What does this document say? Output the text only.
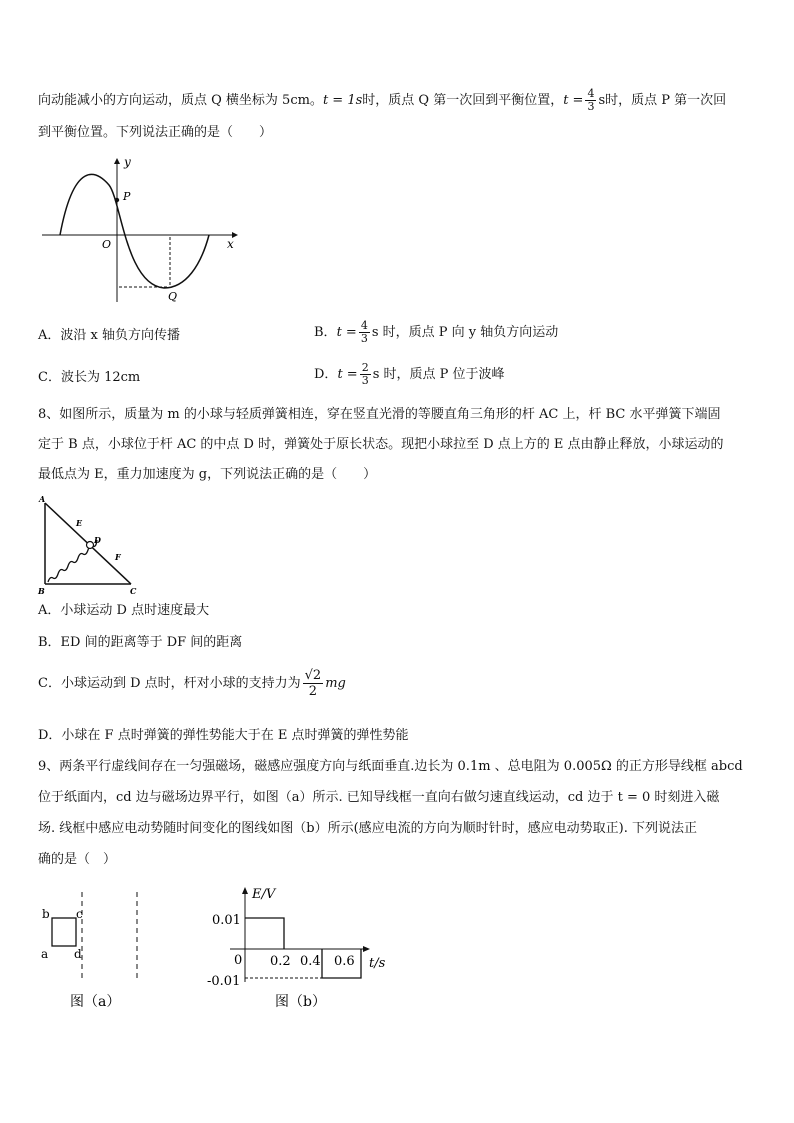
向动能减小的方向运动，质点 Q 横坐标为 5cm。t = 1s时，质点 Q 第一次回到平衡位置，$t = \frac{4}{3}$ s时，质点 P 第一次回
到平衡位置。下列说法正确的是（　　）
y
x
O
P
Q
A．波沿 x 轴负方向传播	B．$t = \frac{4}{3}$ s 时，质点 P 向 y 轴负方向运动
C．波长为 12cm	D．$t = \frac{2}{3}$ s 时，质点 P 位于波峰
8、如图所示，质量为 m 的小球与轻质弹簧相连，穿在竖直光滑的等腰直角三角形的杆 AC 上，杆 BC 水平弹簧下端固
定于 B 点，小球位于杆 AC 的中点 D 时，弹簧处于原长状态。现把小球拉至 D 点上方的 E 点由静止释放，小球运动的
最低点为 E，重力加速度为 g，下列说法正确的是（　　）
A
B	C
D
E
F
A．小球运动 D 点时速度最大
B．ED 间的距离等于 DF 间的距离
C．小球运动到 D 点时，杆对小球的支持力为 $\frac{√2}{2}$ mg
D．小球在 F 点时弹簧的弹性势能大于在 E 点时弹簧的弹性势能
9、两条平行虚线间存在一匀强磁场，磁感应强度方向与纸面垂直.边长为 0.1m 、总电阻为 0.005Ω 的正方形导线框 abcd
位于纸面内，cd 边与磁场边界平行，如图（a）所示. 已知导线框一直向右做匀速直线运动，cd 边于 t = 0 时刻进入磁
场. 线框中感应电动势随时间变化的图线如图（b）所示(感应电流的方向为顺时针时，感应电动势取正). 下列说法正
确的是（　）
b c
a d
图（a）
E/V
t/s
0.01
-0.01
0 0.2 0.4 0.6
图（b）
